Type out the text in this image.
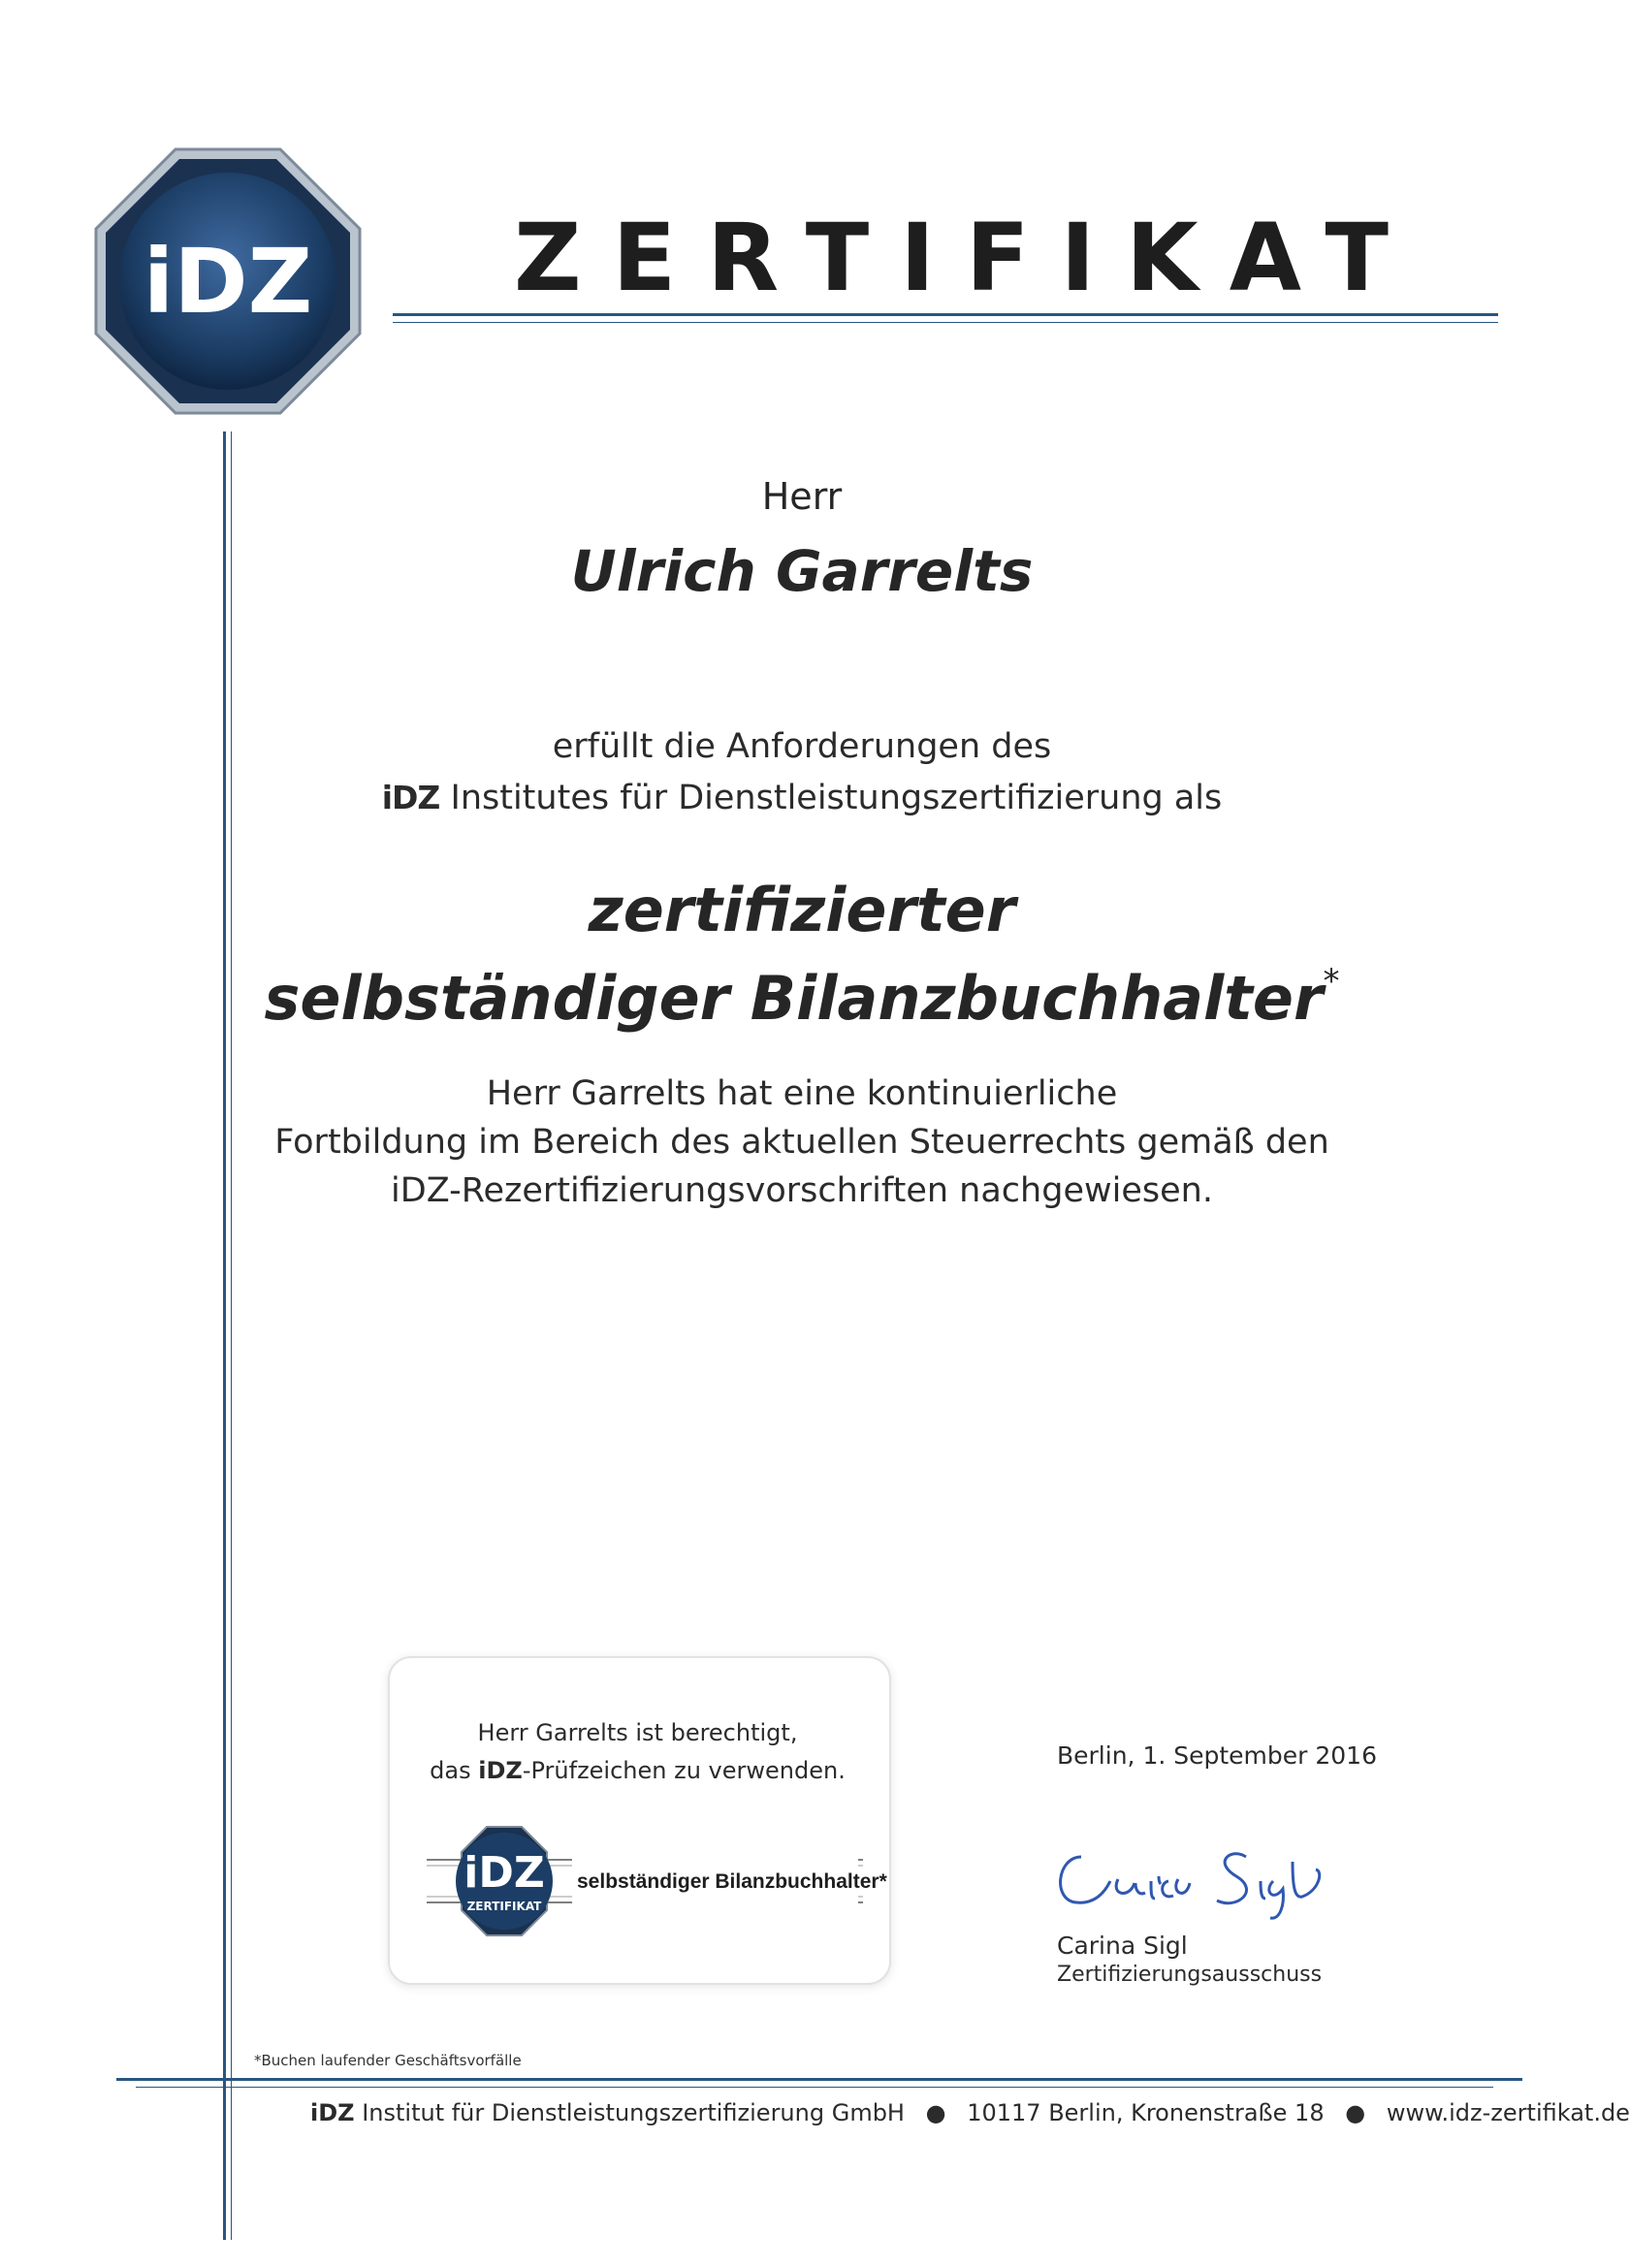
iDZ ZERTIFIKAT
Herr
Ulrich Garrelts
erfüllt die Anforderungen des
iDZ Institutes für Dienstleistungszertifizierung als
zertifizierter
selbständiger Bilanzbuchhalter*
Herr Garrelts hat eine kontinuierliche
Fortbildung im Bereich des aktuellen Steuerrechts gemäß den
iDZ-Rezertifizierungsvorschriften nachgewiesen.
Herr Garrelts ist berechtigt,
das iDZ-Prüfzeichen zu verwenden.
iDZ
ZERTIFIKAT
selbständiger Bilanzbuchhalter*
Berlin, 1. September 2016
Carina Sigl
Zertifizierungsausschuss
*Buchen laufender Geschäftsvorfälle
iDZ Institut für Dienstleistungszertifizierung GmbH ● 10117 Berlin, Kronenstraße 18 ● www.idz-zertifikat.de
